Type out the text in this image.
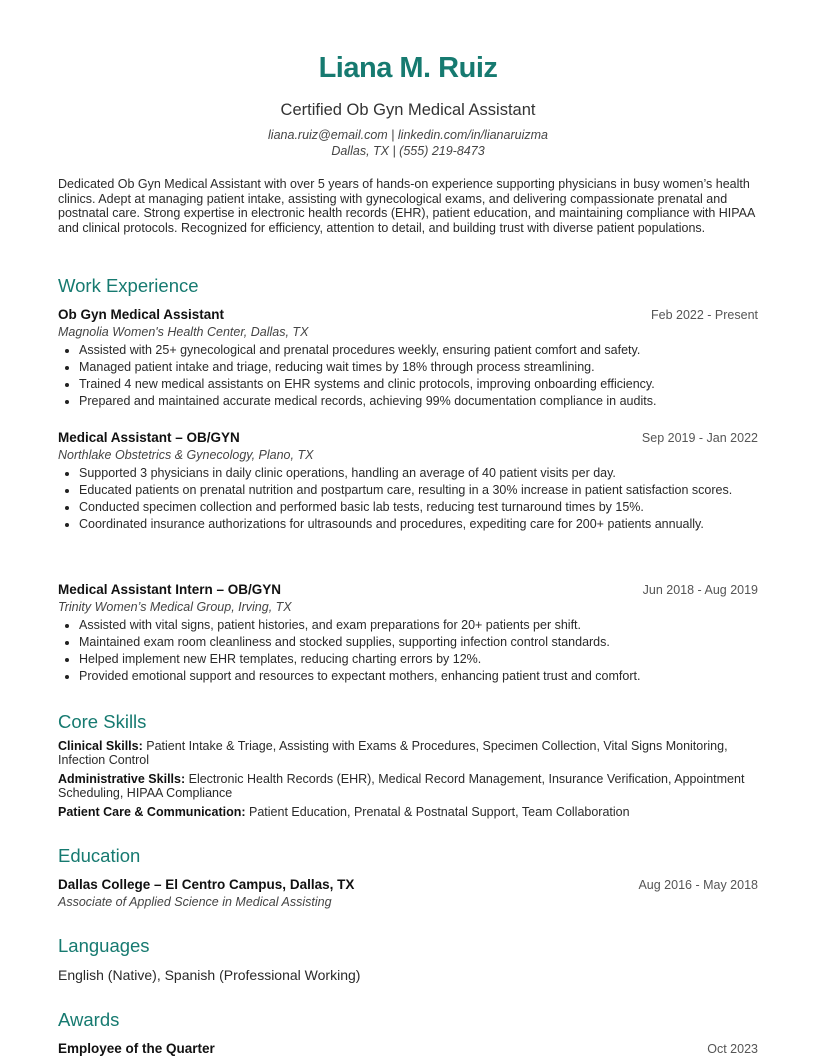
Liana M. Ruiz
Certified Ob Gyn Medical Assistant
liana.ruiz@email.com | linkedin.com/in/lianaruizma
Dallas, TX | (555) 219-8473
Dedicated Ob Gyn Medical Assistant with over 5 years of hands-on experience supporting physicians in busy women’s health clinics. Adept at managing patient intake, assisting with gynecological exams, and delivering compassionate prenatal and postnatal care. Strong expertise in electronic health records (EHR), patient education, and maintaining compliance with HIPAA and clinical protocols. Recognized for efficiency, attention to detail, and building trust with diverse patient populations.
Work Experience
Ob Gyn Medical Assistant	Feb 2022 - Present
Magnolia Women's Health Center, Dallas, TX
Assisted with 25+ gynecological and prenatal procedures weekly, ensuring patient comfort and safety.
Managed patient intake and triage, reducing wait times by 18% through process streamlining.
Trained 4 new medical assistants on EHR systems and clinic protocols, improving onboarding efficiency.
Prepared and maintained accurate medical records, achieving 99% documentation compliance in audits.
Medical Assistant – OB/GYN	Sep 2019 - Jan 2022
Northlake Obstetrics & Gynecology, Plano, TX
Supported 3 physicians in daily clinic operations, handling an average of 40 patient visits per day.
Educated patients on prenatal nutrition and postpartum care, resulting in a 30% increase in patient satisfaction scores.
Conducted specimen collection and performed basic lab tests, reducing test turnaround times by 15%.
Coordinated insurance authorizations for ultrasounds and procedures, expediting care for 200+ patients annually.
Medical Assistant Intern – OB/GYN	Jun 2018 - Aug 2019
Trinity Women’s Medical Group, Irving, TX
Assisted with vital signs, patient histories, and exam preparations for 20+ patients per shift.
Maintained exam room cleanliness and stocked supplies, supporting infection control standards.
Helped implement new EHR templates, reducing charting errors by 12%.
Provided emotional support and resources to expectant mothers, enhancing patient trust and comfort.
Core Skills
Clinical Skills: Patient Intake & Triage, Assisting with Exams & Procedures, Specimen Collection, Vital Signs Monitoring, Infection Control
Administrative Skills: Electronic Health Records (EHR), Medical Record Management, Insurance Verification, Appointment Scheduling, HIPAA Compliance
Patient Care & Communication: Patient Education, Prenatal & Postnatal Support, Team Collaboration
Education
Dallas College – El Centro Campus, Dallas, TX	Aug 2016 - May 2018
Associate of Applied Science in Medical Assisting
Languages
English (Native), Spanish (Professional Working)
Awards
Employee of the Quarter	Oct 2023
